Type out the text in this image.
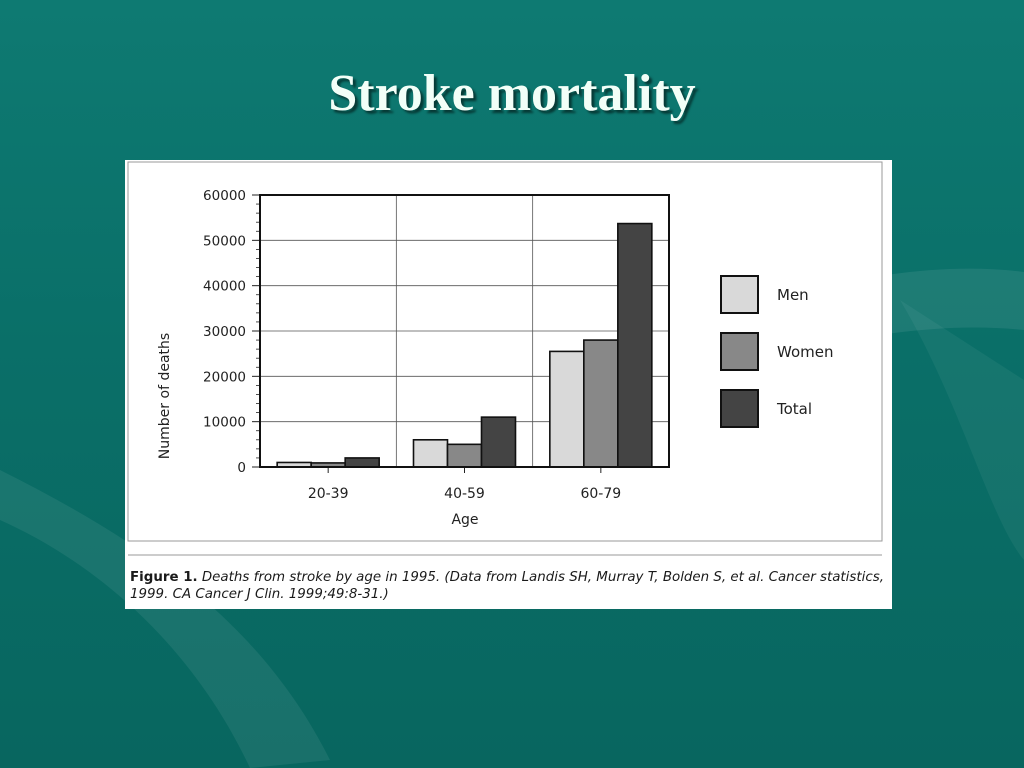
Stroke mortality
0
10000
20000
30000
40000
50000
60000
20-39	40-59	60-79
Number of deaths
Age
Men
Women
Total
Figure 1. Deaths from stroke by age in 1995. (Data from Landis SH, Murray T, Bolden S, et al. Cancer statistics, 1999. CA Cancer J Clin. 1999;49:8-31.)
